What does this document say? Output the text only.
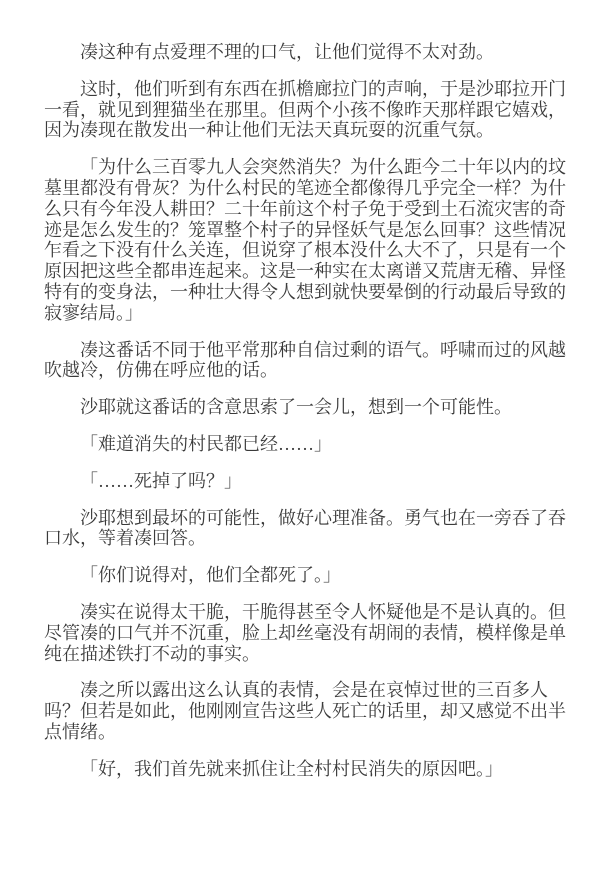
凑这种有点爱理不理的口气，让他们觉得不太对劲。

这时，他们听到有东西在抓檐廊拉门的声响，于是沙耶拉开门一看，就见到狸猫坐在那里。但两个小孩不像昨天那样跟它嬉戏，因为凑现在散发出一种让他们无法天真玩耍的沉重气氛。

「为什么三百零九人会突然消失？为什么距今二十年以内的坟墓里都没有骨灰？为什么村民的笔迹全都像得几乎完全一样？为什么只有今年没人耕田？二十年前这个村子免于受到土石流灾害的奇迹是怎么发生的？笼罩整个村子的异怪妖气是怎么回事？这些情况乍看之下没有什么关连，但说穿了根本没什么大不了，只是有一个原因把这些全都串连起来。这是一种实在太离谱又荒唐无稽、异怪特有的变身法，一种壮大得令人想到就快要晕倒的行动最后导致的寂寥结局。」

凑这番话不同于他平常那种自信过剩的语气。呼啸而过的风越吹越冷，仿佛在呼应他的话。

沙耶就这番话的含意思索了一会儿，想到一个可能性。

「难道消失的村民都已经……」

「……死掉了吗？」

沙耶想到最坏的可能性，做好心理准备。勇气也在一旁吞了吞口水，等着凑回答。

「你们说得对，他们全都死了。」

凑实在说得太干脆，干脆得甚至令人怀疑他是不是认真的。但尽管凑的口气并不沉重，脸上却丝毫没有胡闹的表情，模样像是单纯在描述铁打不动的事实。

凑之所以露出这么认真的表情，会是在哀悼过世的三百多人吗？但若是如此，他刚刚宣告这些人死亡的话里，却又感觉不出半点情绪。

「好，我们首先就来抓住让全村村民消失的原因吧。」
